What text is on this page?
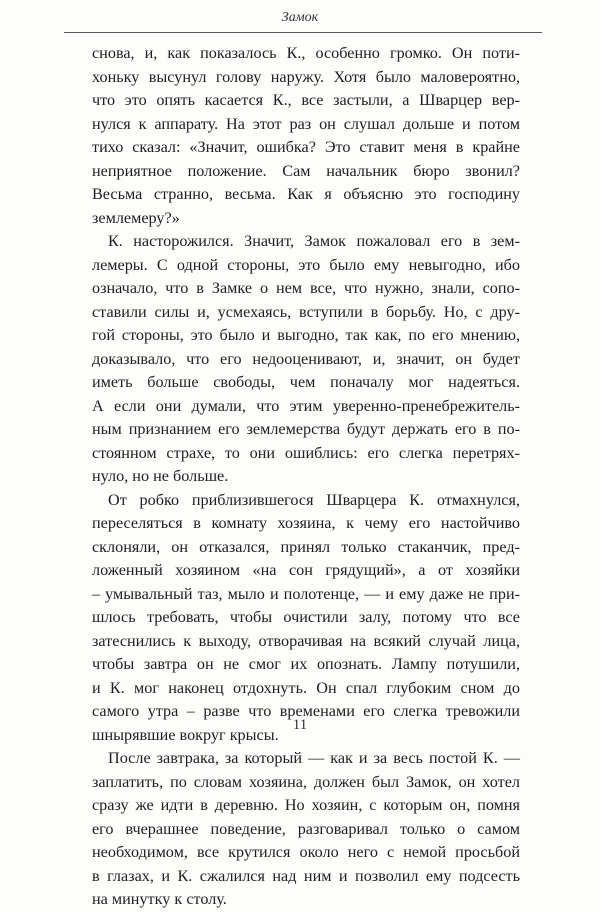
Замок
снова, и, как показалось К., особенно громко. Он поти-
хоньку высунул голову наружу. Хотя было маловероятно,
что это опять касается К., все застыли, а Шварцер вер-
нулся к аппарату. На этот раз он слушал дольше и потом
тихо сказал: «Значит, ошибка? Это ставит меня в крайне
неприятное положение. Сам начальник бюро звонил?
Весьма странно, весьма. Как я объясню это господину
землемеру?»
К. насторожился. Значит, Замок пожаловал его в зем-
лемеры. С одной стороны, это было ему невыгодно, ибо
означало, что в Замке о нем все, что нужно, знали, сопо-
ставили силы и, усмехаясь, вступили в борьбу. Но, с дру-
гой стороны, это было и выгодно, так как, по его мнению,
доказывало, что его недооценивают, и, значит, он будет
иметь больше свободы, чем поначалу мог надеяться.
А если они думали, что этим уверенно-пренебрежитель-
ным признанием его землемерства будут держать его в по-
стоянном страхе, то они ошиблись: его слегка перетрях-
нуло, но не больше.
От робко приблизившегося Шварцера К. отмахнулся,
переселяться в комнату хозяина, к чему его настойчиво
склоняли, он отказался, принял только стаканчик, пред-
ложенный хозяином «на сон грядущий», а от хозяйки
– умывальный таз, мыло и полотенце, — и ему даже не при-
шлось требовать, чтобы очистили залу, потому что все
затеснились к выходу, отворачивая на всякий случай лица,
чтобы завтра он не смог их опознать. Лампу потушили,
и К. мог наконец отдохнуть. Он спал глубоким сном до
самого утра – разве что временами его слегка тревожили
шнырявшие вокруг крысы.
После завтрака, за который — как и за весь постой К. —
заплатить, по словам хозяина, должен был Замок, он хотел
сразу же идти в деревню. Но хозяин, с которым он, помня
его вчерашнее поведение, разговаривал только о самом
необходимом, все крутился около него с немой просьбой
в глазах, и К. сжалился над ним и позволил ему подсесть
на минутку к столу.
11
